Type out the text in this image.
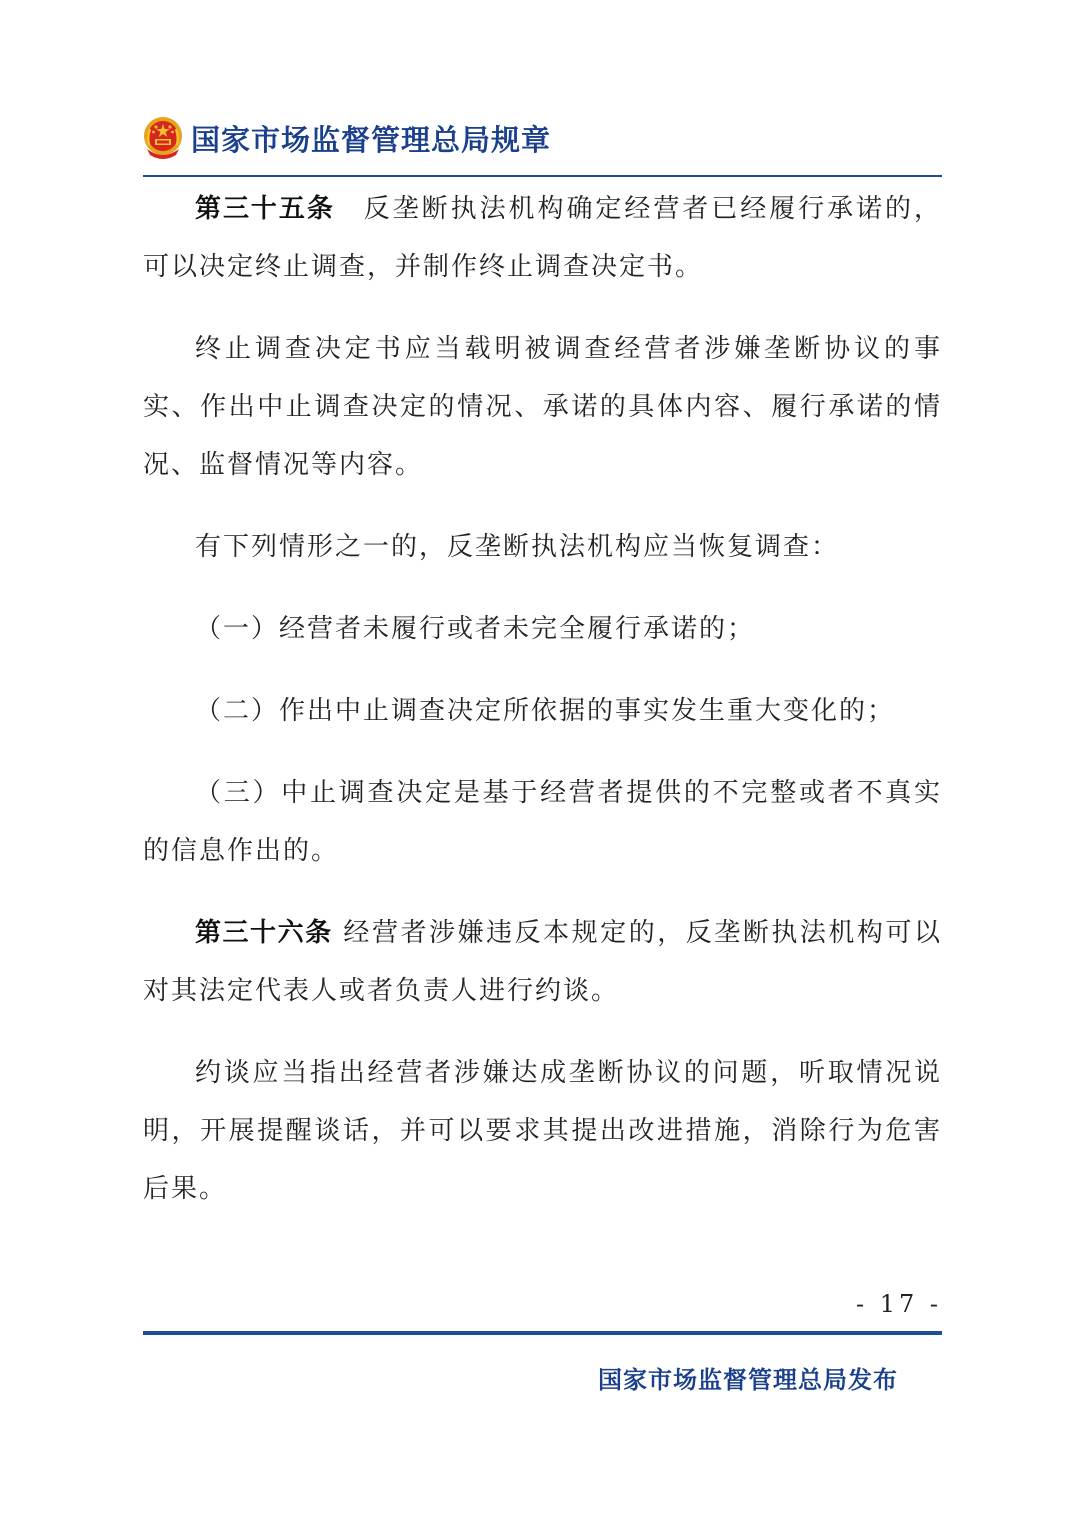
国家市场监督管理总局规章

第三十五条　反垄断执法机构确定经营者已经履行承诺的，可以决定终止调查，并制作终止调查决定书。

终止调查决定书应当载明被调查经营者涉嫌垄断协议的事实、作出中止调查决定的情况、承诺的具体内容、履行承诺的情况、监督情况等内容。

有下列情形之一的，反垄断执法机构应当恢复调查：

（一）经营者未履行或者未完全履行承诺的；

（二）作出中止调查决定所依据的事实发生重大变化的；

（三）中止调查决定是基于经营者提供的不完整或者不真实的信息作出的。

第三十六条 经营者涉嫌违反本规定的，反垄断执法机构可以对其法定代表人或者负责人进行约谈。

约谈应当指出经营者涉嫌达成垄断协议的问题，听取情况说明，开展提醒谈话，并可以要求其提出改进措施，消除行为危害后果。

- 17 -
国家市场监督管理总局发布
